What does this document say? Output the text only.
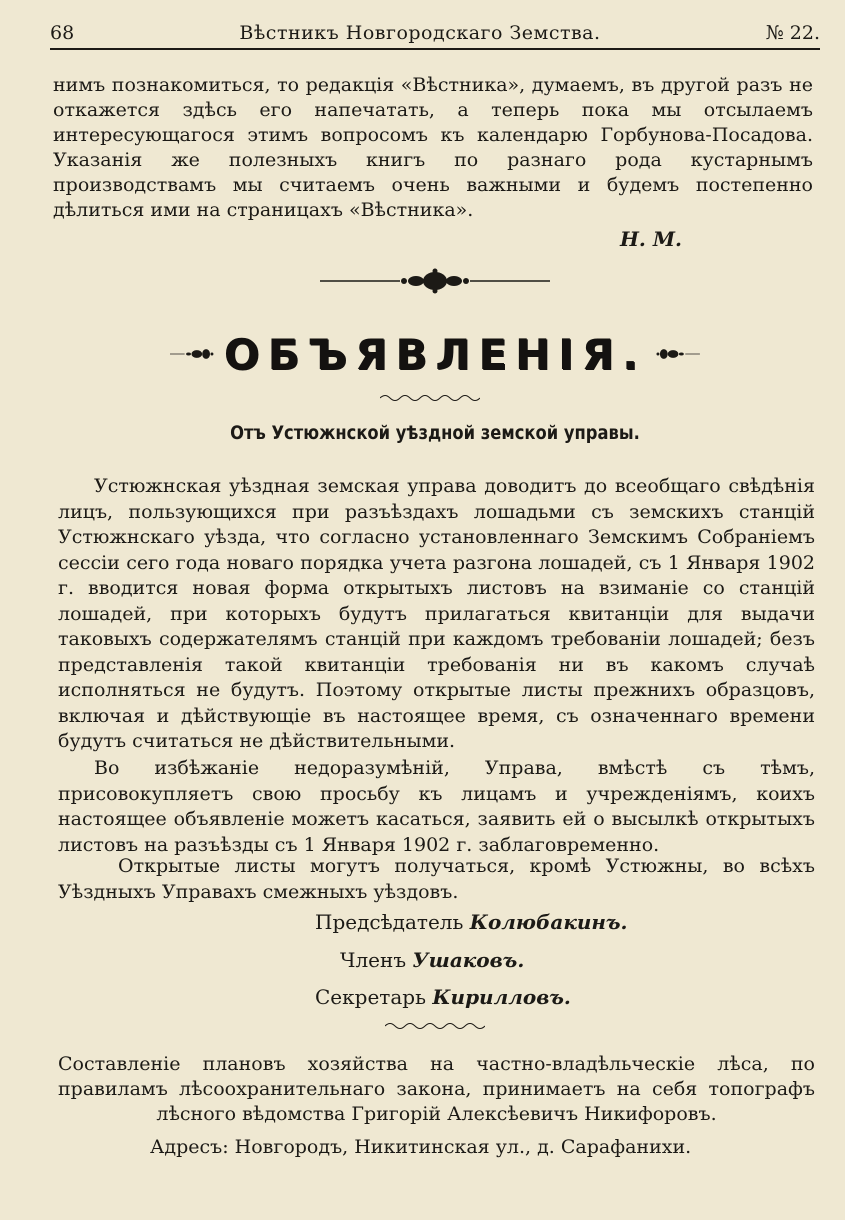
68	Вѣстникъ Новгородскаго Земства.	№ 22.
нимъ познакомиться, то редакція «Вѣстника», думаемъ, въ другой разъ не откажется здѣсь его напечатать, а теперь пока мы отсылаемъ интересующагося этимъ вопросомъ къ календарю Горбунова-Посадова. Указанія же полезныхъ книгъ по разнаго рода кустарнымъ производствамъ мы считаемъ очень важными и будемъ постепенно дѣлиться ими на страницахъ «Вѣстника».
Н. М.
ОБЪЯВЛЕНІЯ.
Отъ Устюжнской уѣздной земской управы.
Устюжнская уѣздная земская управа доводитъ до всеобщаго свѣдѣнія лицъ, пользующихся при разъѣздахъ лошадьми съ земскихъ станцій Устюжнскаго уѣзда, что согласно установленнаго Земскимъ Собраніемъ сессіи сего года новаго порядка учета разгона лошадей, съ 1 Января 1902 г. вводится новая форма открытыхъ листовъ на взиманіе со станцій лошадей, при которыхъ будутъ прилагаться квитанціи для выдачи таковыхъ содержателямъ станцій при каждомъ требованіи лошадей; безъ представленія такой квитанціи требованія ни въ какомъ случаѣ исполняться не будутъ. Поэтому открытые листы прежнихъ образцовъ, включая и дѣйствующіе въ настоящее время, съ означеннаго времени будутъ считаться не дѣйствительными.
Во избѣжаніе недоразумѣній, Управа, вмѣстѣ съ тѣмъ, присовокупляетъ свою просьбу къ лицамъ и учрежденіямъ, коихъ настоящее объявленіе можетъ касаться, заявить ей о высылкѣ открытыхъ листовъ на разъѣзды съ 1 Января 1902 г. заблаговременно.
Открытые листы могутъ получаться, кромѣ Устюжны, во всѣхъ Уѣздныхъ Управахъ смежныхъ уѣздовъ.
Предсѣдатель Колюбакинъ.
Членъ Ушаковъ.
Секретарь Кирилловъ.
Составленіе плановъ хозяйства на частно-владѣльческіе лѣса, по правиламъ лѣсоохранительнаго закона, принимаетъ на себя топографъ лѣсного вѣдомства Григорій Алексѣевичъ Никифоровъ.
Адресъ: Новгородъ, Никитинская ул., д. Сарафанихи.
